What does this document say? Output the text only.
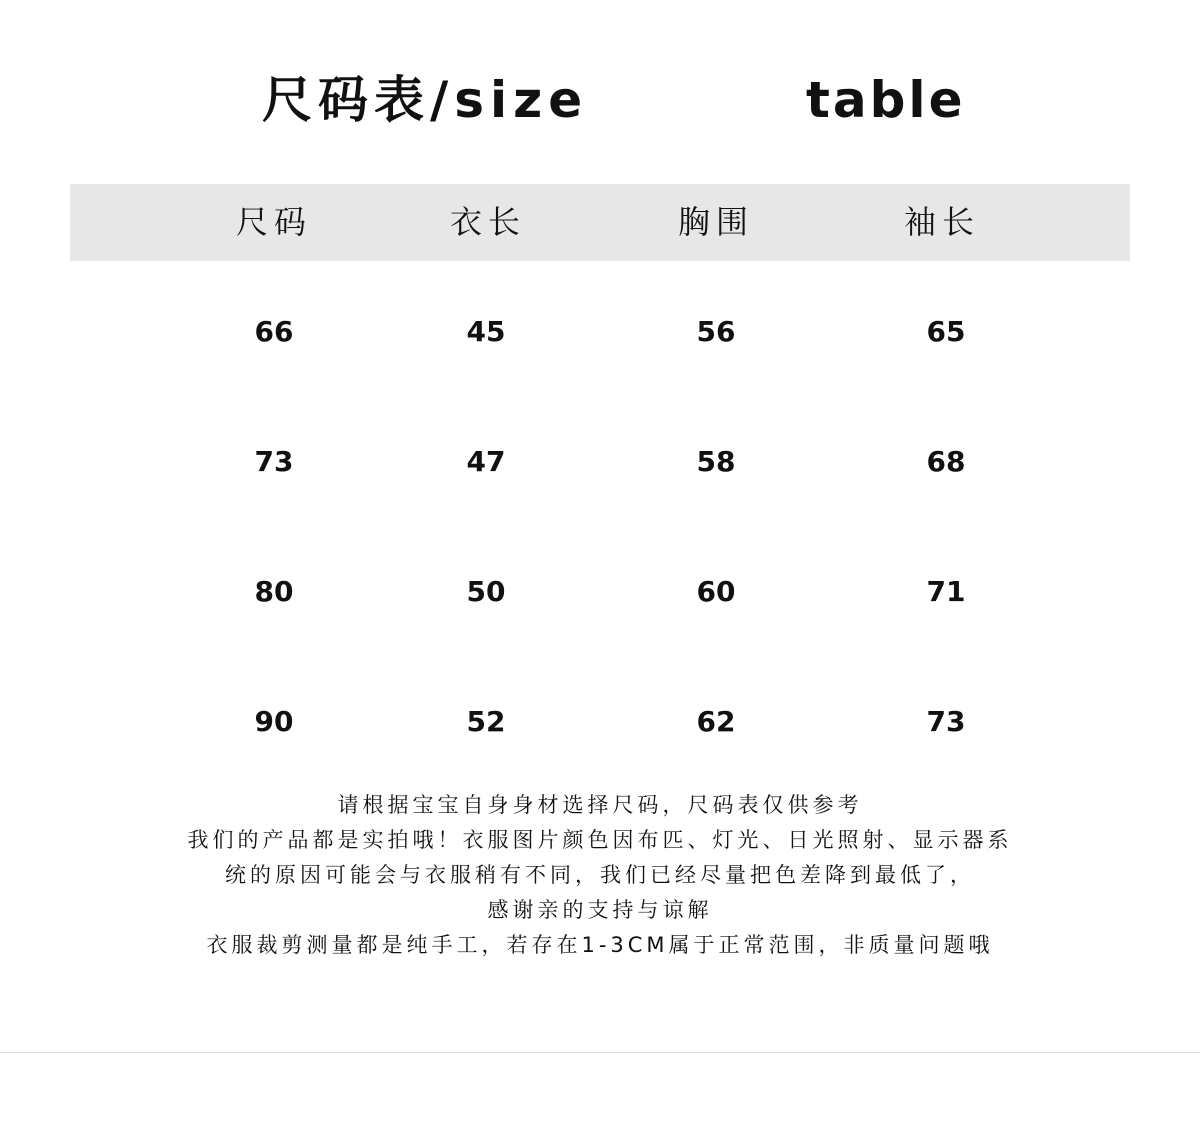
尺码表/size	table
尺码	衣长	胸围	袖长
66	45	56	65
73	47	58	68
80	50	60	71
90	52	62	73
请根据宝宝自身身材选择尺码，尺码表仅供参考
我们的产品都是实拍哦！衣服图片颜色因布匹、灯光、日光照射、显示器系
统的原因可能会与衣服稍有不同，我们已经尽量把色差降到最低了，
感谢亲的支持与谅解
衣服裁剪测量都是纯手工，若存在1-3CM属于正常范围，非质量问题哦
